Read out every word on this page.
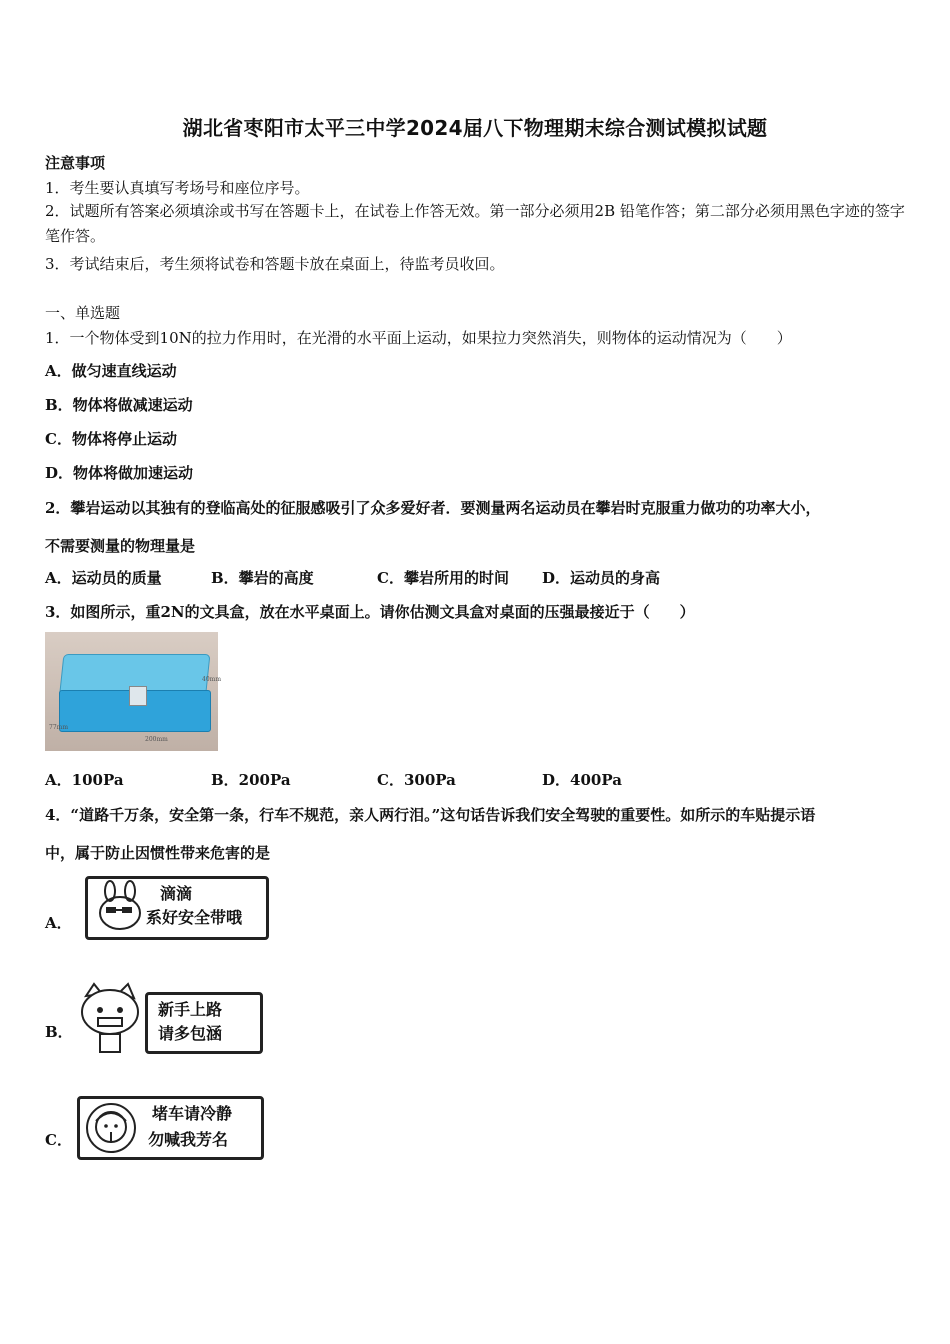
湖北省枣阳市太平三中学2024届八下物理期末综合测试模拟试题
注意事项
1．考生要认真填写考场号和座位序号。
2．试题所有答案必须填涂或书写在答题卡上，在试卷上作答无效。第一部分必须用2B 铅笔作答；第二部分必须用黑色字迹的签字笔作答。
3．考试结束后，考生须将试卷和答题卡放在桌面上，待监考员收回。
一、单选题
1．一个物体受到10N的拉力作用时，在光滑的水平面上运动，如果拉力突然消失，则物体的运动情况为（　　）
A．做匀速直线运动
B．物体将做减速运动
C．物体将停止运动
D．物体将做加速运动
2．攀岩运动以其独有的登临高处的征服感吸引了众多爱好者．要测量两名运动员在攀岩时克服重力做功的功率大小，
不需要测量的物理量是
A．运动员的质量	B．攀岩的高度	C．攀岩所用的时间 D．运动员的身高
3．如图所示，重2N的文具盒，放在水平桌面上。请你估测文具盒对桌面的压强最接近于（　　）
200mm
40mm
77mm
A．100Pa	B．200Pa	C．300Pa	D．400Pa
4．“道路千万条，安全第一条，行车不规范，亲人两行泪。”这句话告诉我们安全驾驶的重要性。如所示的车贴提示语
中，属于防止因惯性带来危害的是
A．
滴滴
系好安全带哦
B．
新手上路
请多包涵
C．
堵车请冷静
勿喊我芳名
